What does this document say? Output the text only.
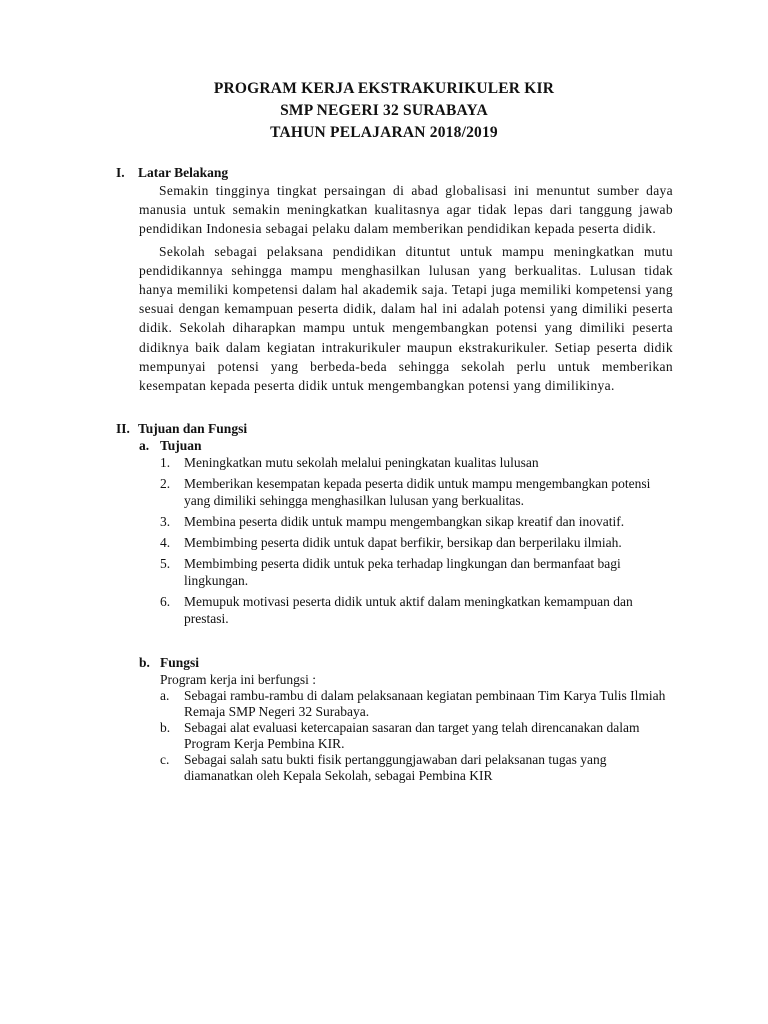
PROGRAM KERJA EKSTRAKURIKULER KIR
SMP NEGERI 32 SURABAYA
TAHUN PELAJARAN 2018/2019
I. Latar Belakang
Semakin tingginya tingkat persaingan di abad globalisasi ini menuntut sumber daya manusia untuk semakin meningkatkan kualitasnya agar tidak lepas dari tanggung jawab pendidikan Indonesia sebagai pelaku dalam memberikan pendidikan kepada peserta didik.
Sekolah sebagai pelaksana pendidikan dituntut untuk mampu meningkatkan mutu pendidikannya sehingga mampu menghasilkan lulusan yang berkualitas. Lulusan tidak hanya memiliki kompetensi dalam hal akademik saja. Tetapi juga memiliki kompetensi yang sesuai dengan kemampuan peserta didik, dalam hal ini adalah potensi yang dimiliki peserta didik. Sekolah diharapkan mampu untuk mengembangkan potensi yang dimiliki peserta didiknya baik dalam kegiatan intrakurikuler maupun ekstrakurikuler. Setiap peserta didik mempunyai potensi yang berbeda-beda sehingga sekolah perlu untuk memberikan kesempatan kepada peserta didik untuk mengembangkan potensi yang dimilikinya.
II. Tujuan dan Fungsi
a. Tujuan
1. Meningkatkan mutu sekolah melalui peningkatan kualitas lulusan
2. Memberikan kesempatan kepada peserta didik untuk mampu mengembangkan potensi yang dimiliki sehingga menghasilkan lulusan yang berkualitas.
3. Membina peserta didik untuk mampu mengembangkan sikap kreatif dan inovatif.
4. Membimbing peserta didik untuk dapat berfikir, bersikap dan berperilaku ilmiah.
5. Membimbing peserta didik untuk peka terhadap lingkungan dan bermanfaat bagi lingkungan.
6. Memupuk motivasi peserta didik untuk aktif dalam meningkatkan kemampuan dan prestasi.
b. Fungsi
Program kerja ini berfungsi :
a. Sebagai rambu-rambu di dalam pelaksanaan kegiatan pembinaan Tim Karya Tulis Ilmiah Remaja SMP Negeri 32 Surabaya.
b. Sebagai alat evaluasi ketercapaian sasaran dan target yang telah direncanakan dalam Program Kerja Pembina KIR.
c. Sebagai salah satu bukti fisik pertanggungjawaban dari pelaksanan tugas yang diamanatkan oleh Kepala Sekolah, sebagai Pembina KIR
